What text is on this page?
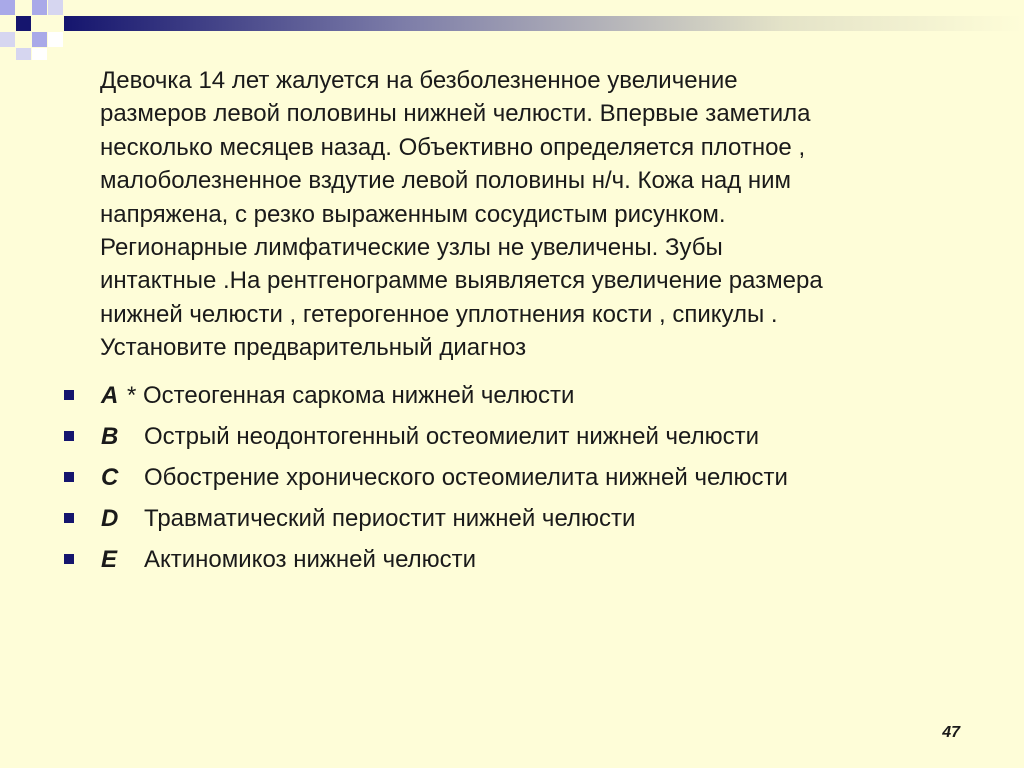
Девочка 14 лет жалуется на безболезненное увеличение
размеров левой половины нижней челюсти. Впервые заметила
несколько месяцев назад. Объективно определяется плотное ,
малоболезненное вздутие левой половины н/ч. Кожа над ним
напряжена, с резко выраженным сосудистым рисунком.
Регионарные лимфатические узлы не увеличены. Зубы
интактные .На рентгенограмме выявляется увеличение размера
нижней челюсти , гетерогенное уплотнения кости , спикулы .
Установите предварительный диагноз

A * Остеогенная саркома нижней челюсти
B Острый неодонтогенный остеомиелит нижней челюсти
C Обострение хронического остеомиелита нижней челюсти
D Травматический периостит нижней челюсти
E Актиномикоз нижней челюсти
47
